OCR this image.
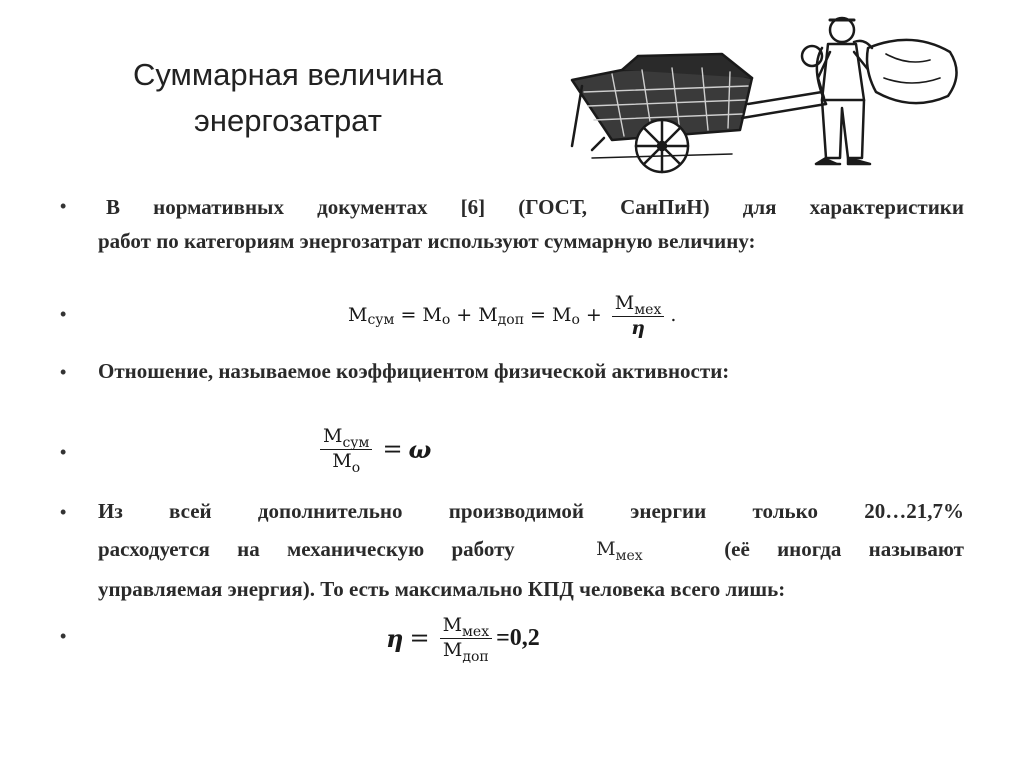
Суммарная величина
энергозатрат
•	В нормативных документах [6] (ГОСТ, СанПиН) для характеристики
работ по категориям энергозатрат используют суммарную величину:
•	M сум = M о + M доп = M $о + \frac{M_{мех}}{\eta}$ .
• Отношение, называемое коэффициентом физической активности:
•	$\frac{M_{сум}}{M_о} = \omega$
• Из всей дополнительно производимой энергии только 20…21,7%
расходуется на механическую работу	$M_{мех}$	(её иногда называют
управляемая энергия). То есть максимально КПД человека всего лишь:
•	$\eta = \frac{M_{мех}}{M_{доп}} =0,2$
